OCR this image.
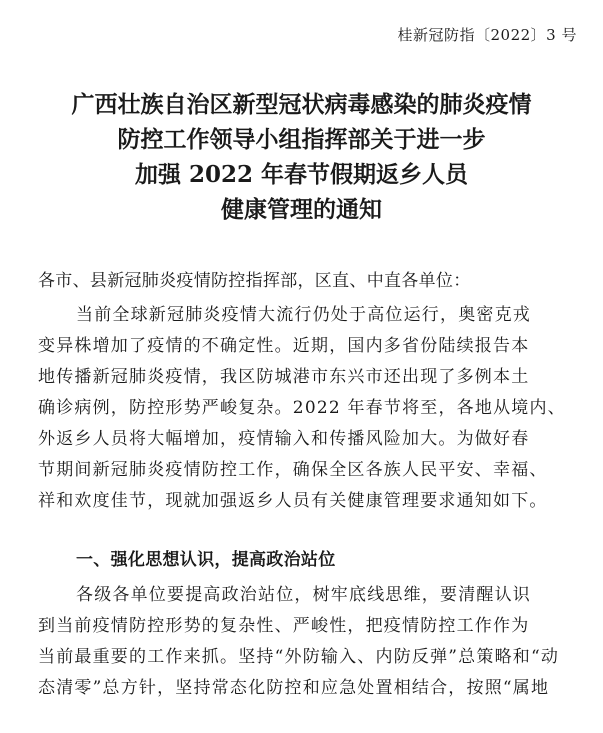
桂新冠防指〔2022〕3 号
广西壮族自治区新型冠状病毒感染的肺炎疫情
防控工作领导小组指挥部关于进一步
加强 2022 年春节假期返乡人员
健康管理的通知
各市、县新冠肺炎疫情防控指挥部，区直、中直各单位：
当前全球新冠肺炎疫情大流行仍处于高位运行，奥密克戎
变异株增加了疫情的不确定性。近期，国内多省份陆续报告本
地传播新冠肺炎疫情，我区防城港市东兴市还出现了多例本土
确诊病例，防控形势严峻复杂。2022 年春节将至，各地从境内、
外返乡人员将大幅增加，疫情输入和传播风险加大。为做好春
节期间新冠肺炎疫情防控工作，确保全区各族人民平安、幸福、
祥和欢度佳节，现就加强返乡人员有关健康管理要求通知如下。
一、强化思想认识，提高政治站位
各级各单位要提高政治站位，树牢底线思维，要清醒认识
到当前疫情防控形势的复杂性、严峻性，把疫情防控工作作为
当前最重要的工作来抓。坚持“外防输入、内防反弹”总策略和“动
态清零”总方针，坚持常态化防控和应急处置相结合，按照“属地
